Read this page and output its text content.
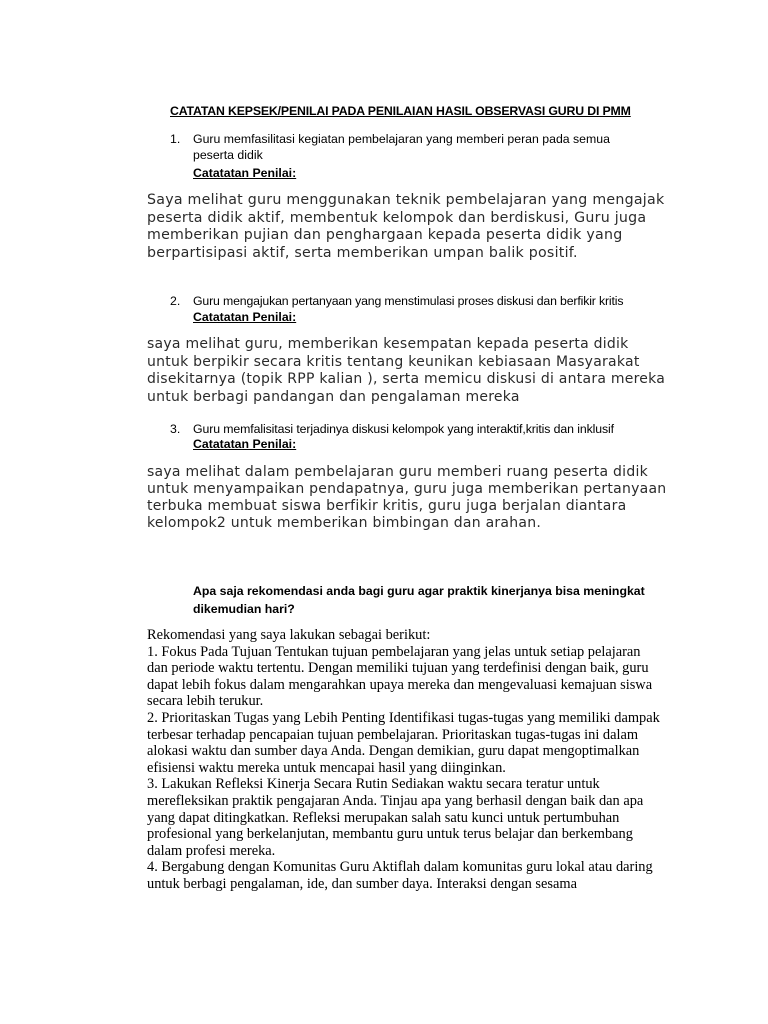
CATATAN KEPSEK/PENILAI PADA PENILAIAN HASIL OBSERVASI GURU DI PMM
1. Guru memfasilitasi kegiatan pembelajaran yang memberi peran pada semua peserta didik
Catatatan Penilai:

Saya melihat guru menggunakan teknik pembelajaran yang mengajak peserta didik aktif, membentuk kelompok dan berdiskusi, Guru juga memberikan pujian dan penghargaan kepada peserta didik yang berpartisipasi aktif, serta memberikan umpan balik positif.

2. Guru mengajukan pertanyaan yang menstimulasi proses diskusi dan berfikir kritis
Catatatan Penilai:

saya melihat guru, memberikan kesempatan kepada peserta didik untuk berpikir secara kritis tentang keunikan kebiasaan Masyarakat disekitarnya (topik RPP kalian ), serta memicu diskusi di antara mereka untuk berbagi pandangan dan pengalaman mereka

3. Guru memfalisitasi terjadinya diskusi kelompok yang interaktif,kritis dan inklusif
Catatatan Penilai:

saya melihat dalam pembelajaran guru memberi ruang peserta didik untuk menyampaikan pendapatnya, guru juga memberikan pertanyaan terbuka membuat siswa berfikir kritis, guru juga berjalan diantara kelompok2 untuk memberikan bimbingan dan arahan.

Apa saja rekomendasi anda bagi guru agar praktik kinerjanya bisa meningkat dikemudian hari?

Rekomendasi yang saya lakukan sebagai berikut:
1. Fokus Pada Tujuan Tentukan tujuan pembelajaran yang jelas untuk setiap pelajaran dan periode waktu tertentu. Dengan memiliki tujuan yang terdefinisi dengan baik, guru dapat lebih fokus dalam mengarahkan upaya mereka dan mengevaluasi kemajuan siswa secara lebih terukur.
2. Prioritaskan Tugas yang Lebih Penting Identifikasi tugas-tugas yang memiliki dampak terbesar terhadap pencapaian tujuan pembelajaran. Prioritaskan tugas-tugas ini dalam alokasi waktu dan sumber daya Anda. Dengan demikian, guru dapat mengoptimalkan efisiensi waktu mereka untuk mencapai hasil yang diinginkan.
3. Lakukan Refleksi Kinerja Secara Rutin Sediakan waktu secara teratur untuk merefleksikan praktik pengajaran Anda. Tinjau apa yang berhasil dengan baik dan apa yang dapat ditingkatkan. Refleksi merupakan salah satu kunci untuk pertumbuhan profesional yang berkelanjutan, membantu guru untuk terus belajar dan berkembang dalam profesi mereka.
4. Bergabung dengan Komunitas Guru Aktiflah dalam komunitas guru lokal atau daring untuk berbagi pengalaman, ide, dan sumber daya. Interaksi dengan sesama
